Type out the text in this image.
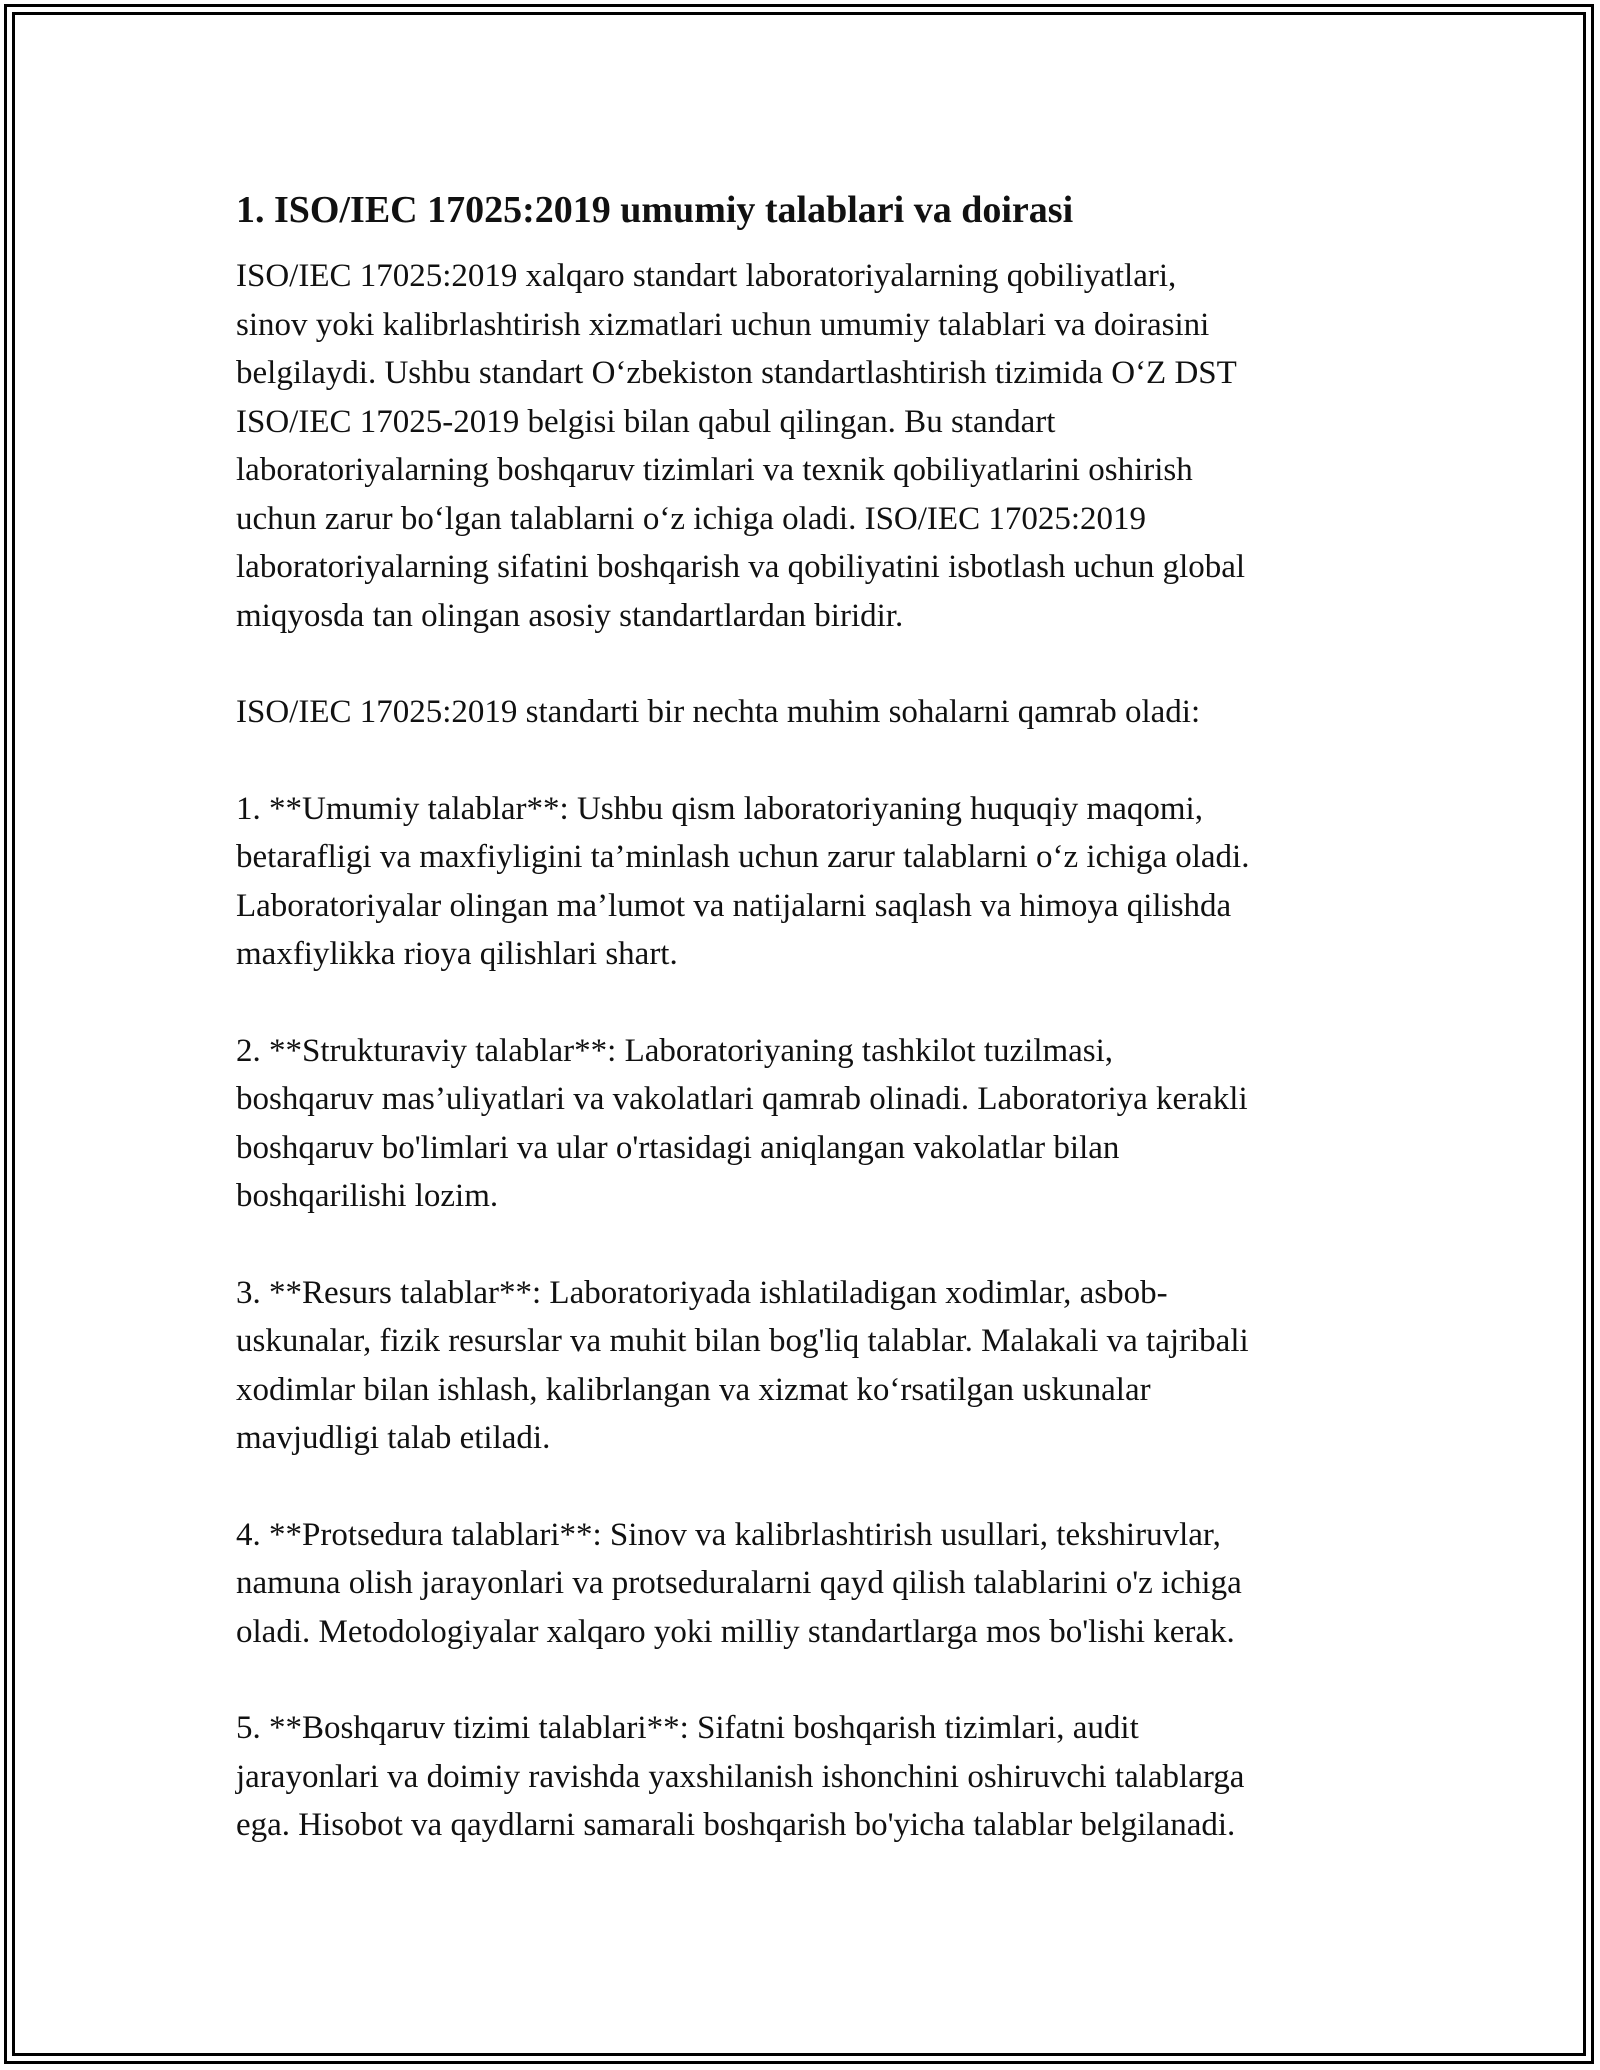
1. ISO/IEC 17025:2019 umumiy talablari va doirasi

ISO/IEC 17025:2019 xalqaro standart laboratoriyalarning qobiliyatlari,
sinov yoki kalibrlashtirish xizmatlari uchun umumiy talablari va doirasini
belgilaydi. Ushbu standart O‘zbekiston standartlashtirish tizimida O‘Z DST
ISO/IEC 17025-2019 belgisi bilan qabul qilingan. Bu standart
laboratoriyalarning boshqaruv tizimlari va texnik qobiliyatlarini oshirish
uchun zarur bo‘lgan talablarni o‘z ichiga oladi. ISO/IEC 17025:2019
laboratoriyalarning sifatini boshqarish va qobiliyatini isbotlash uchun global
miqyosda tan olingan asosiy standartlardan biridir.

ISO/IEC 17025:2019 standarti bir nechta muhim sohalarni qamrab oladi:

1. **Umumiy talablar**: Ushbu qism laboratoriyaning huquqiy maqomi,
betarafligi va maxfiyligini ta’minlash uchun zarur talablarni o‘z ichiga oladi.
Laboratoriyalar olingan ma’lumot va natijalarni saqlash va himoya qilishda
maxfiylikka rioya qilishlari shart.

2. **Strukturaviy talablar**: Laboratoriyaning tashkilot tuzilmasi,
boshqaruv mas’uliyatlari va vakolatlari qamrab olinadi. Laboratoriya kerakli
boshqaruv bo'limlari va ular o'rtasidagi aniqlangan vakolatlar bilan
boshqarilishi lozim.

3. **Resurs talablar**: Laboratoriyada ishlatiladigan xodimlar, asbob-
uskunalar, fizik resurslar va muhit bilan bog'liq talablar. Malakali va tajribali
xodimlar bilan ishlash, kalibrlangan va xizmat ko‘rsatilgan uskunalar
mavjudligi talab etiladi.

4. **Protsedura talablari**: Sinov va kalibrlashtirish usullari, tekshiruvlar,
namuna olish jarayonlari va protseduralarni qayd qilish talablarini o'z ichiga
oladi. Metodologiyalar xalqaro yoki milliy standartlarga mos bo'lishi kerak.

5. **Boshqaruv tizimi talablari**: Sifatni boshqarish tizimlari, audit
jarayonlari va doimiy ravishda yaxshilanish ishonchini oshiruvchi talablarga
ega. Hisobot va qaydlarni samarali boshqarish bo'yicha talablar belgilanadi.
